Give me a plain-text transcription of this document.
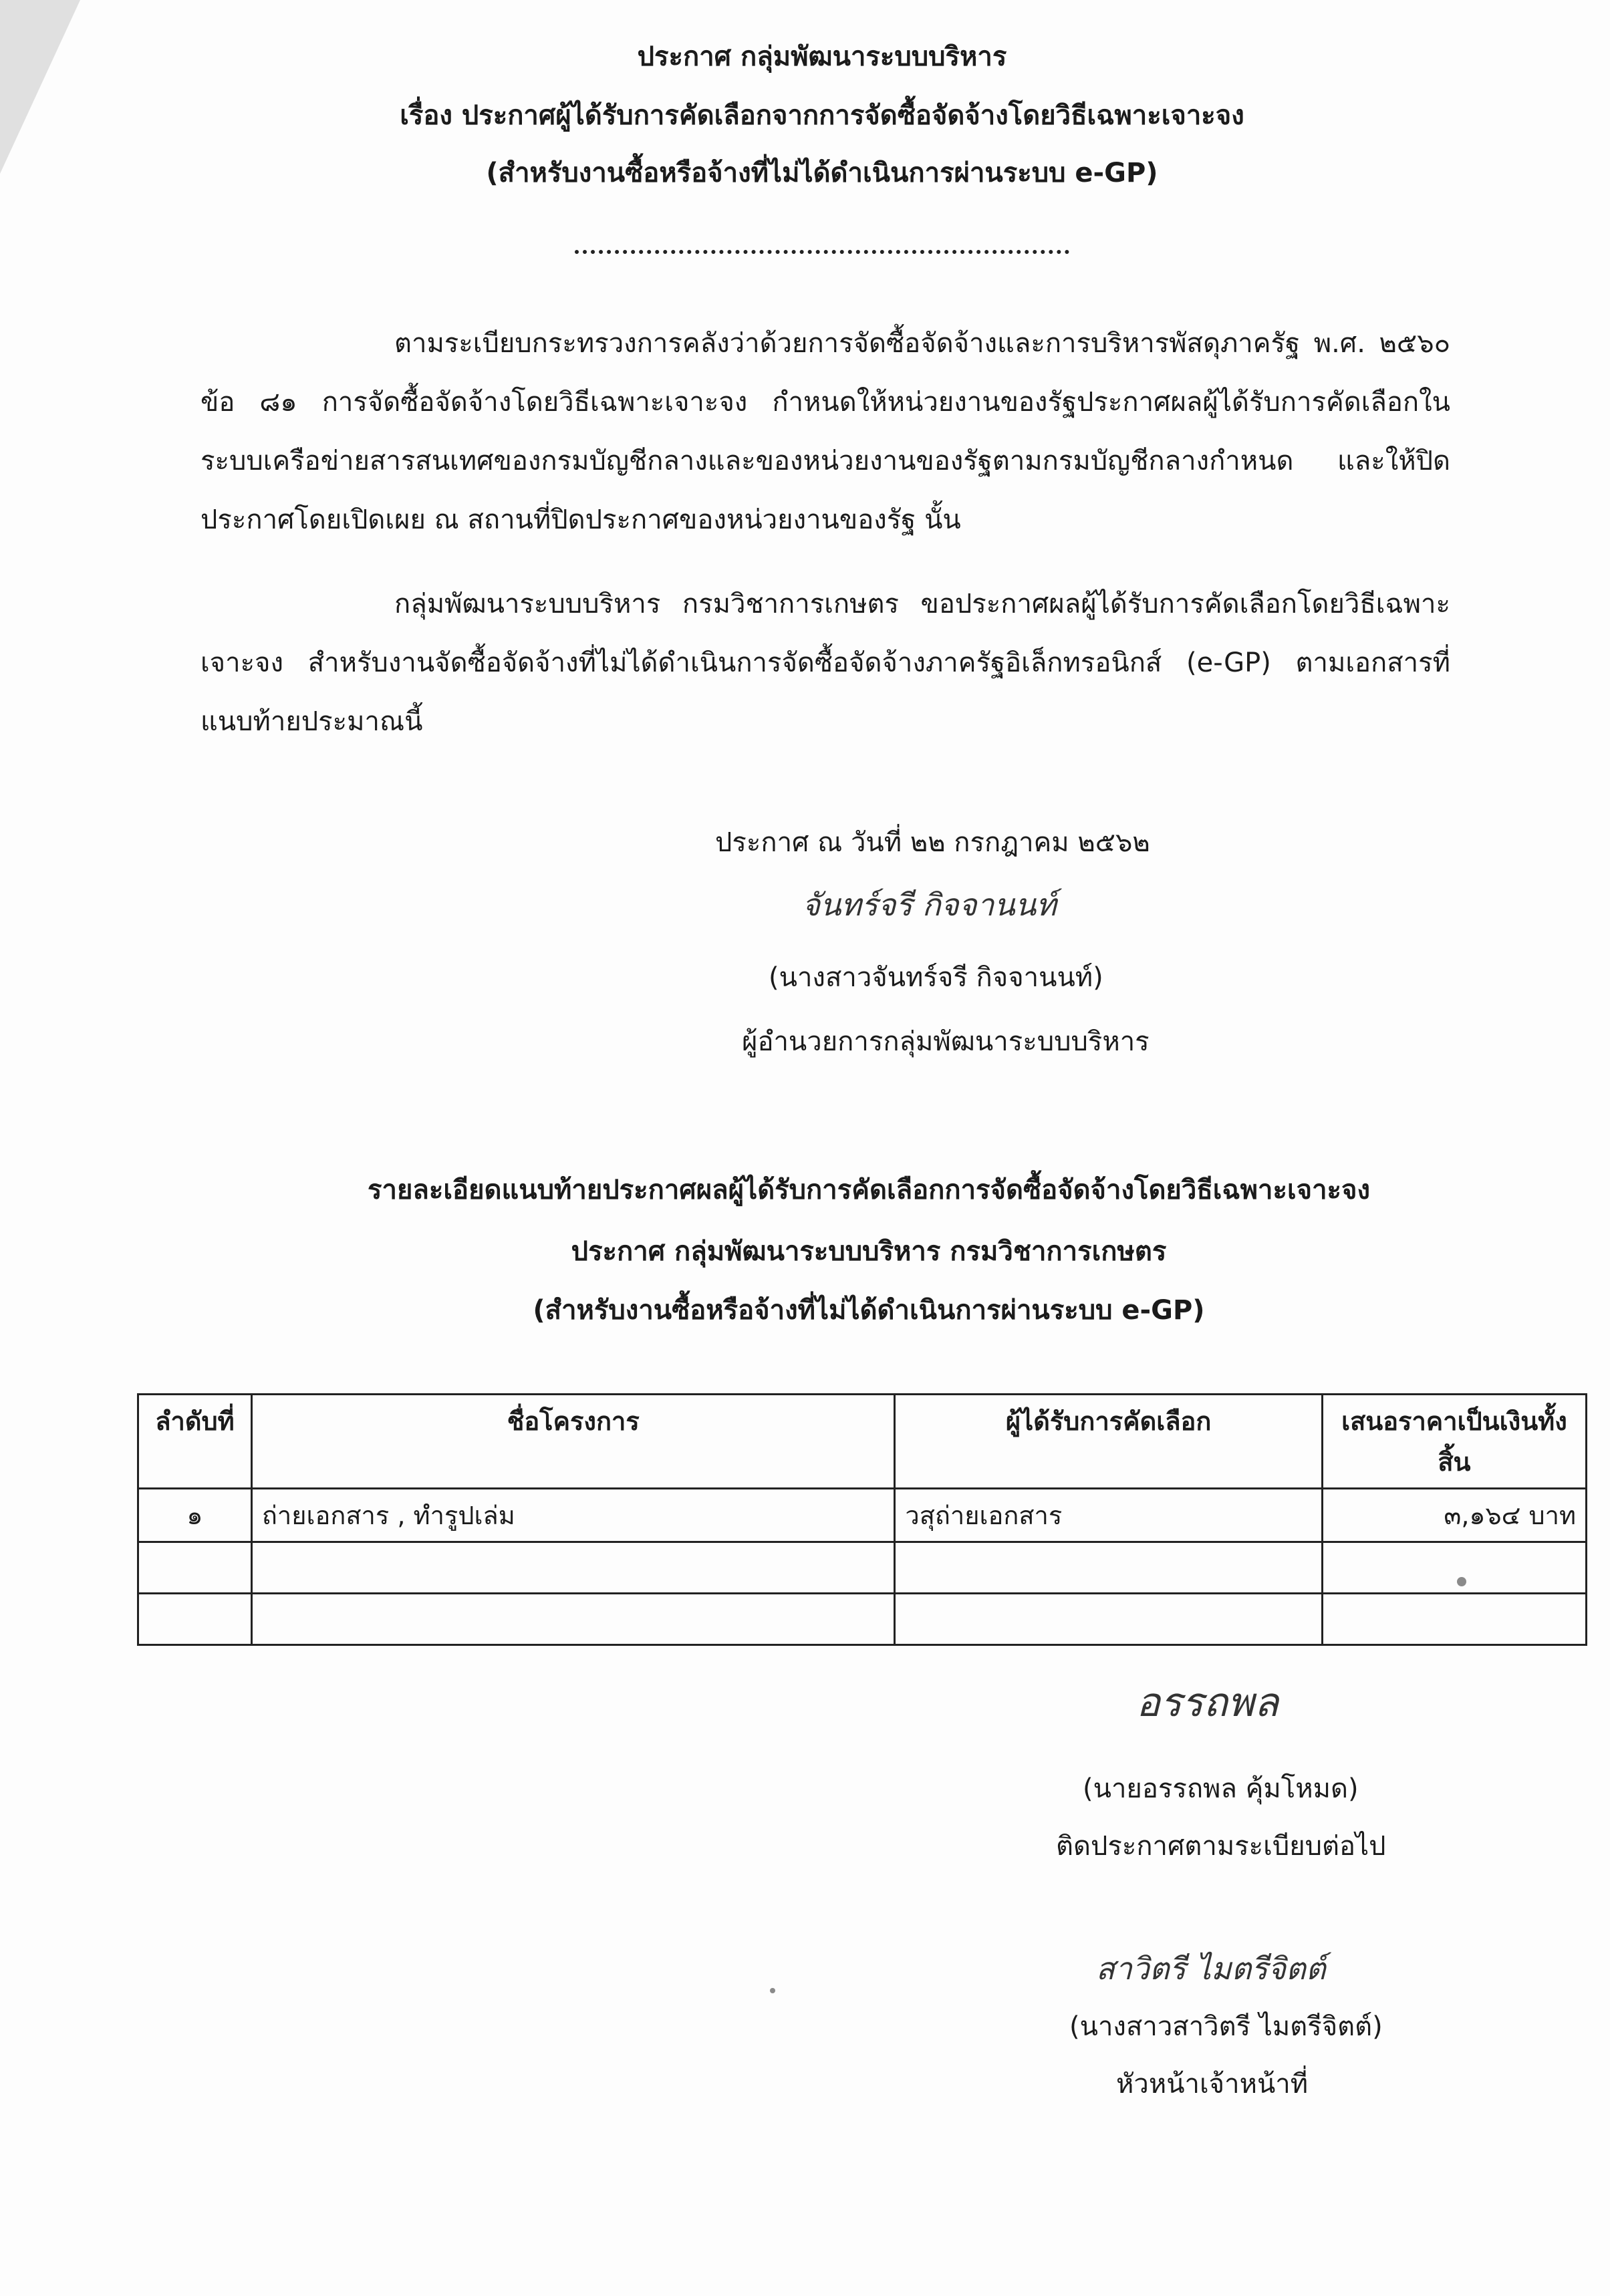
ประกาศ กลุ่มพัฒนาระบบบริหาร
เรื่อง ประกาศผู้ได้รับการคัดเลือกจากการจัดซื้อจัดจ้างโดยวิธีเฉพาะเจาะจง
(สำหรับงานซื้อหรือจ้างที่ไม่ได้ดำเนินการผ่านระบบ e-GP)
ตามระเบียบกระทรวงการคลังว่าด้วยการจัดซื้อจัดจ้างและการบริหารพัสดุภาครัฐ พ.ศ. ๒๕๖๐ ข้อ ๘๑ การจัดซื้อจัดจ้างโดยวิธีเฉพาะเจาะจง กำหนดให้หน่วยงานของรัฐประกาศผลผู้ได้รับการคัดเลือกในระบบเครือข่ายสารสนเทศของกรมบัญชีกลางและของหน่วยงานของรัฐตามกรมบัญชีกลางกำหนด และให้ปิดประกาศโดยเปิดเผย ณ สถานที่ปิดประกาศของหน่วยงานของรัฐ นั้น
กลุ่มพัฒนาระบบบริหาร กรมวิชาการเกษตร ขอประกาศผลผู้ได้รับการคัดเลือกโดยวิธีเฉพาะเจาะจง สำหรับงานจัดซื้อจัดจ้างที่ไม่ได้ดำเนินการจัดซื้อจัดจ้างภาครัฐอิเล็กทรอนิกส์ (e-GP) ตามเอกสารที่แนบท้ายประมาณนี้
ประกาศ ณ วันที่ ๒๒ กรกฎาคม ๒๕๖๒
จันทร์จรี กิจจานนท์
(นางสาวจันทร์จรี กิจจานนท์)
ผู้อำนวยการกลุ่มพัฒนาระบบบริหาร
รายละเอียดแนบท้ายประกาศผลผู้ได้รับการคัดเลือกการจัดซื้อจัดจ้างโดยวิธีเฉพาะเจาะจง
ประกาศ กลุ่มพัฒนาระบบบริหาร กรมวิชาการเกษตร
(สำหรับงานซื้อหรือจ้างที่ไม่ได้ดำเนินการผ่านระบบ e-GP)
ลำดับที่	ชื่อโครงการ	ผู้ได้รับการคัดเลือก	เสนอราคาเป็นเงินทั้งสิ้น
๑	ถ่ายเอกสาร , ทำรูปเล่ม	วสุถ่ายเอกสาร	๓,๑๖๔ บาท

อรรถพล
(นายอรรถพล คุ้มโหมด)
ติดประกาศตามระเบียบต่อไป
สาวิตรี ไมตรีจิตต์
(นางสาวสาวิตรี ไมตรีจิตต์)
หัวหน้าเจ้าหน้าที่
